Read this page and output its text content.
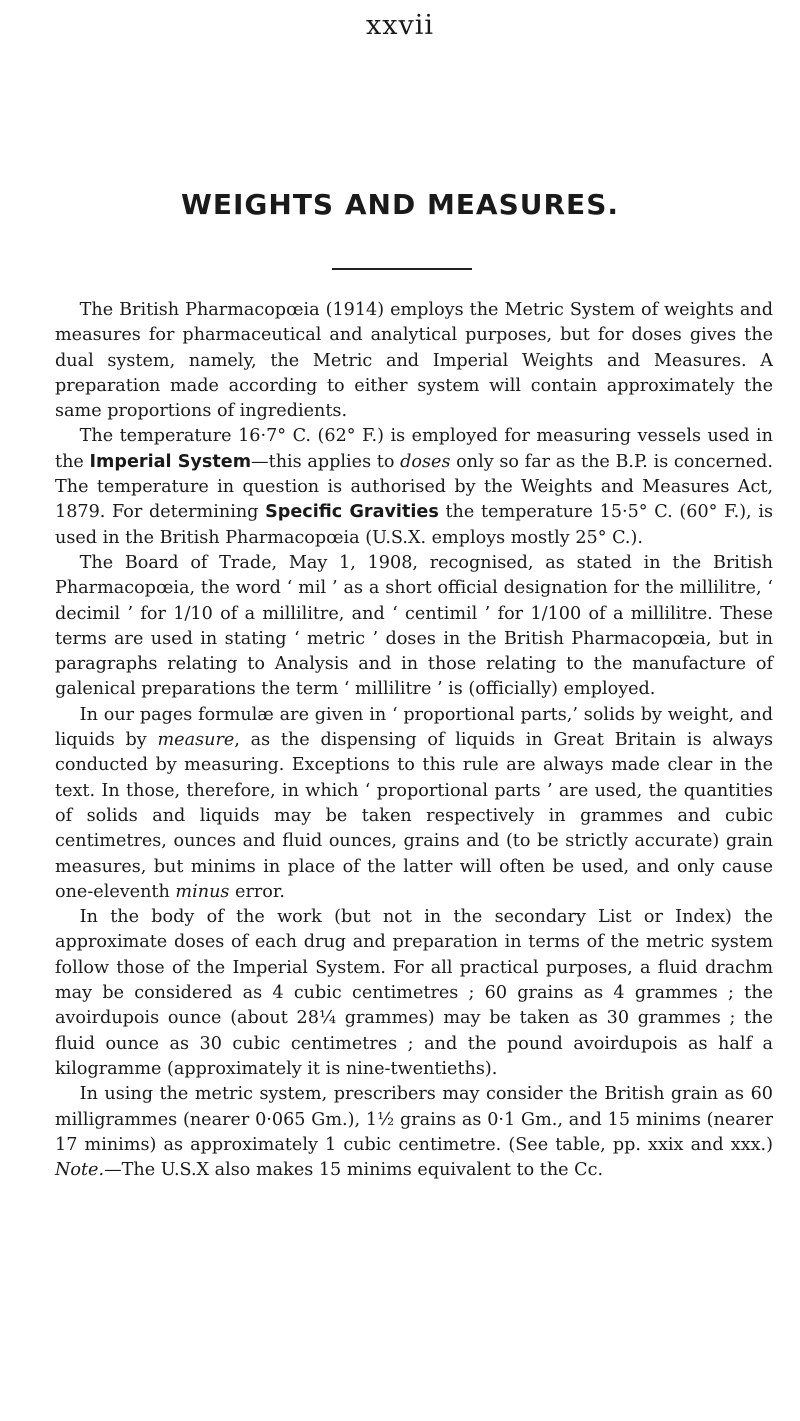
xxvii
WEIGHTS AND MEASURES.

The British Pharmacopœia (1914) employs the Metric System of weights and measures for pharmaceutical and analytical purposes, but for doses gives the dual system, namely, the Metric and Imperial Weights and Measures. A preparation made according to either system will contain approximately the same proportions of ingredients.

The temperature 16·7° C. (62° F.) is employed for measuring vessels used in the Imperial System—this applies to doses only so far as the B.P. is concerned. The temperature in question is authorised by the Weights and Measures Act, 1879. For determining Specific Gravities the temperature 15·5° C. (60° F.), is used in the British Pharmacopœia (U.S.X. employs mostly 25° C.).

The Board of Trade, May 1, 1908, recognised, as stated in the British Pharmacopœia, the word ‘ mil ’ as a short official designation for the millilitre, ‘ decimil ’ for 1/10 of a millilitre, and ‘ centimil ’ for 1/100 of a millilitre. These terms are used in stating ‘ metric ’ doses in the British Pharmacopœia, but in paragraphs relating to Analysis and in those relating to the manufacture of galenical preparations the term ‘ millilitre ’ is (officially) employed.

In our pages formulæ are given in ‘ proportional parts,’ solids by weight, and liquids by measure, as the dispensing of liquids in Great Britain is always conducted by measuring. Exceptions to this rule are always made clear in the text. In those, therefore, in which ‘ proportional parts ’ are used, the quantities of solids and liquids may be taken respectively in grammes and cubic centimetres, ounces and fluid ounces, grains and (to be strictly accurate) grain measures, but minims in place of the latter will often be used, and only cause one-eleventh minus error.

In the body of the work (but not in the secondary List or Index) the approximate doses of each drug and preparation in terms of the metric system follow those of the Imperial System. For all practical purposes, a fluid drachm may be considered as 4 cubic centimetres ; 60 grains as 4 grammes ; the avoirdupois ounce (about 28¼ grammes) may be taken as 30 grammes ; the fluid ounce as 30 cubic centimetres ; and the pound avoirdupois as half a kilogramme (approximately it is nine-twentieths).

In using the metric system, prescribers may consider the British grain as 60 milligrammes (nearer 0·065 Gm.), 1½ grains as 0·1 Gm., and 15 minims (nearer 17 minims) as approximately 1 cubic centimetre. (See table, pp. xxix and xxx.) Note.—The U.S.X also makes 15 minims equivalent to the Cc.
